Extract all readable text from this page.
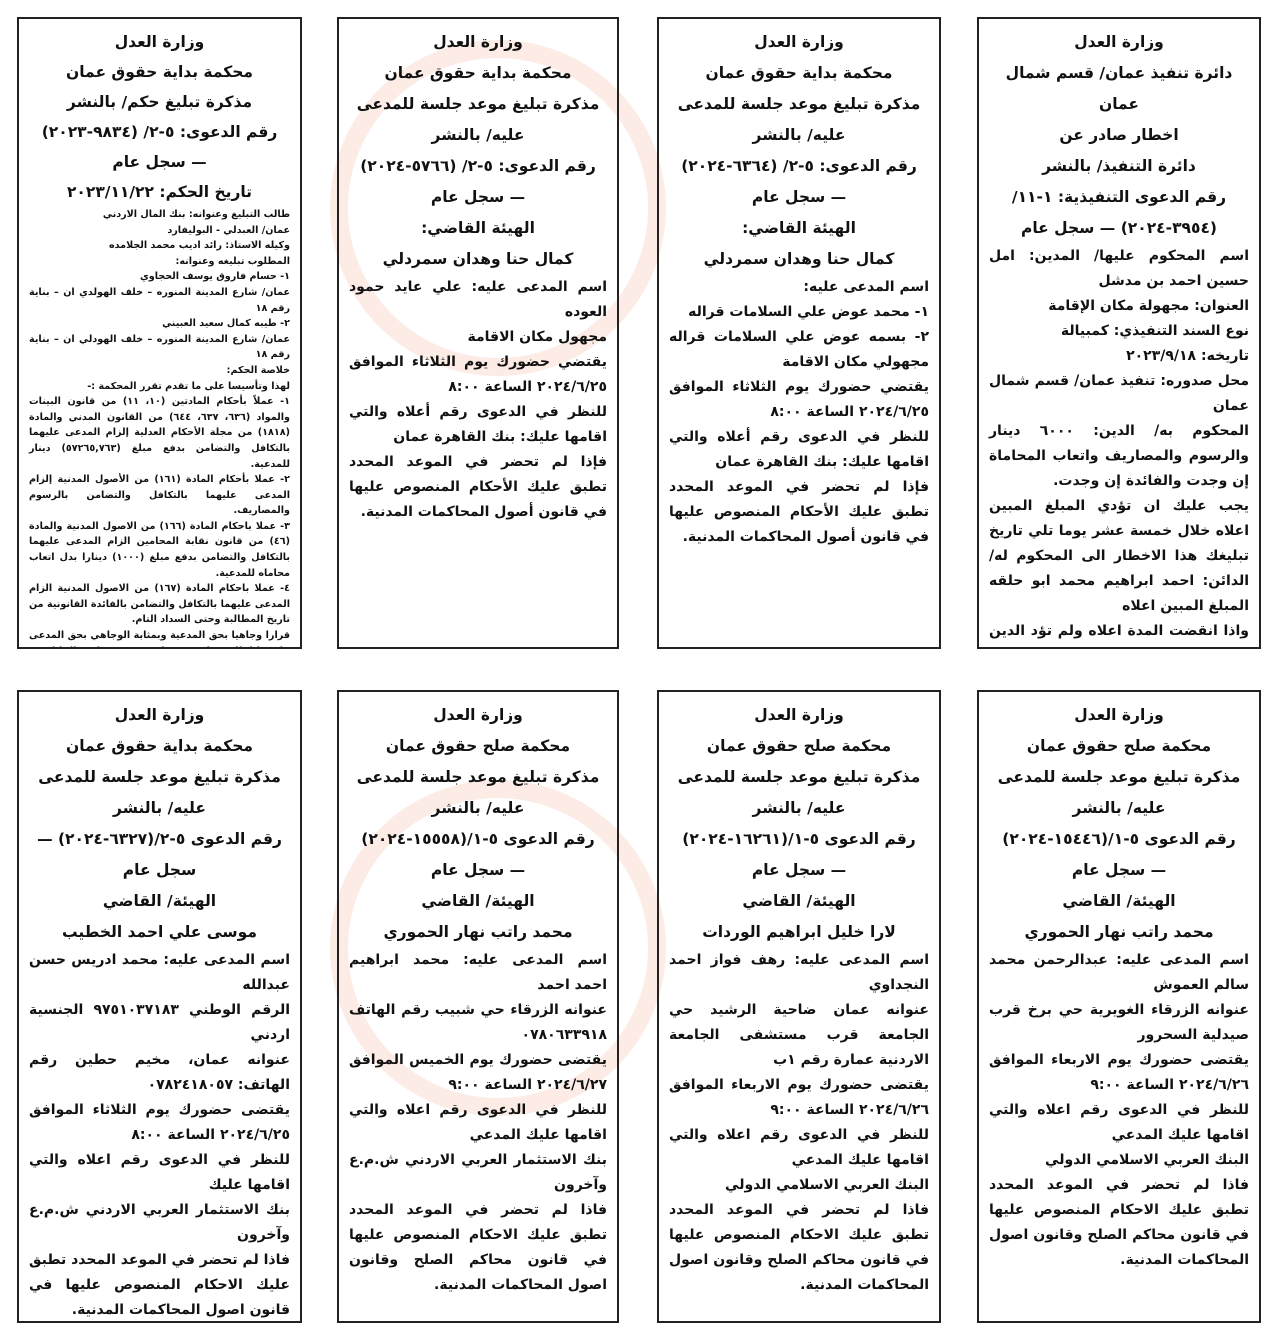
وزارة العدل
دائرة تنفيذ عمان/ قسم شمال عمان
اخطار صادر عن
دائرة التنفيذ/ بالنشر
رقم الدعوى التنفيذية: ١-١١/
(٣٩٥٤-٢٠٢٤) — سجل عام
اسم المحكوم عليها/ المدين: امل حسين احمد بن مدشل
العنوان: مجهولة مكان الإقامة
نوع السند التنفيذي: كمبيالة
تاريخه: ٢٠٢٣/٩/١٨
محل صدوره: تنفيذ عمان/ قسم شمال عمان
المحكوم به/ الدين: ٦٠٠٠ دينار والرسوم والمصاريف واتعاب المحاماة إن وجدت والفائدة إن وجدت.
يجب عليك ان تؤدي المبلغ المبين اعلاه خلال خمسة عشر يوما تلي تاريخ تبليغك هذا الاخطار الى المحكوم له/ الدائن: احمد ابراهيم محمد ابو حلقه المبلغ المبين اعلاه
واذا انقضت المدة اعلاه ولم تؤد الدين
وزارة العدل
محكمة بداية حقوق عمان
مذكرة تبليغ موعد جلسة للمدعى
عليه/ بالنشر
رقم الدعوى: ٥-٢/ (٦٣٦٤-٢٠٢٤)
— سجل عام
الهيئة القاضي:
كمال حنا وهدان سمردلي
اسم المدعى عليه:
١- محمد عوض علي السلامات قراله
٢- بسمه عوض علي السلامات قراله مجهولي مكان الاقامة
يقتضي حضورك يوم الثلاثاء الموافق ٢٠٢٤/٦/٢٥ الساعة ٨:٠٠
للنظر في الدعوى رقم أعلاه والتي اقامها عليك: بنك القاهرة عمان
فإذا لم تحضر في الموعد المحدد تطبق عليك الأحكام المنصوص عليها في قانون أصول المحاكمات المدنية.
وزارة العدل
محكمة بداية حقوق عمان
مذكرة تبليغ موعد جلسة للمدعى
عليه/ بالنشر
رقم الدعوى: ٥-٢/ (٥٧٦٦-٢٠٢٤)
— سجل عام
الهيئة القاضي:
كمال حنا وهدان سمردلي
اسم المدعى عليه: علي عايد حمود العوده
مجهول مكان الاقامة
يقتضي حضورك يوم الثلاثاء الموافق ٢٠٢٤/٦/٢٥ الساعة ٨:٠٠
للنظر في الدعوى رقم أعلاه والتي اقامها عليك: بنك القاهرة عمان
فإذا لم تحضر في الموعد المحدد تطبق عليك الأحكام المنصوص عليها في قانون أصول المحاكمات المدنية.
وزارة العدل
محكمة بداية حقوق عمان
مذكرة تبليغ حكم/ بالنشر
رقم الدعوى: ٥-٢/ (٩٨٣٤-٢٠٢٣)
— سجل عام
تاريخ الحكم: ٢٠٢٣/١١/٢٢
طالب التبليغ وعنوانه: بنك المال الاردني
عمان/ العبدلي - البوليفارد
وكيله الاستاذ: رائد اديب محمد الجلامده
المطلوب تبليغه وعنوانه:
١- حسام فاروق يوسف الحجاوي
عمان/ شارع المدينة المنوره – خلف الهولدي ان – بناية رقم ١٨
٢- طيبه كمال سعيد العبيني
عمان/ شارع المدينة المنوره – خلف الهودلي ان – بناية رقم ١٨
خلاصة الحكم:
لهذا وتأسيسا على ما تقدم تقرر المحكمة :-
١- عملاً بأحكام المادتين (١٠، ١١) من قانون البينات والمواد (٦٣٦، ٦٣٧، ٦٤٤) من القانون المدني والمادة (١٨١٨) من مجلة الأحكام العدلية إلزام المدعى عليهما بالتكافل والتضامن بدفع مبلغ (٥٧٢٦٥,٧٦٣) دينار للمدعية.
٢- عملا بأحكام المادة (١٦١) من الأصول المدنية إلزام المدعى عليهما بالتكافل والتضامن بالرسوم والمصاريف.
٣- عملا باحكام المادة (١٦٦) من الاصول المدنية والمادة (٤٦) من قانون نقابة المحامين الزام المدعى عليهما بالتكافل والتضامن بدفع مبلغ (١٠٠٠) دينارا بدل اتعاب محاماه للمدعية.
٤- عملا باحكام المادة (١٦٧) من الاصول المدنية الزام المدعى عليهما بالتكافل والتضامن بالفائدة القانونية من تاريخ المطالبة وحتى السداد التام.
قرارا وجاهيا بحق المدعية وبمثابة الوجاهي بحق المدعى
وزارة العدل
محكمة صلح حقوق عمان
مذكرة تبليغ موعد جلسة للمدعى
عليه/ بالنشر
رقم الدعوى ٥-١/(١٥٤٤٦-٢٠٢٤)
— سجل عام
الهيئة/ القاضي
محمد راتب نهار الحموري
اسم المدعى عليه: عبدالرحمن محمد سالم العموش
عنوانه الزرقاء الغويرية حي برخ قرب صيدلية السحرور
يقتضى حضورك يوم الاربعاء الموافق ٢٠٢٤/٦/٢٦ الساعة ٩:٠٠
للنظر في الدعوى رقم اعلاه والتي اقامها عليك المدعي
البنك العربي الاسلامي الدولي
فاذا لم تحضر في الموعد المحدد تطبق عليك الاحكام المنصوص عليها في قانون محاكم الصلح وقانون اصول المحاكمات المدنية.
وزارة العدل
محكمة صلح حقوق عمان
مذكرة تبليغ موعد جلسة للمدعى
عليه/ بالنشر
رقم الدعوى ٥-١/(١٦٢٦١-٢٠٢٤)
— سجل عام
الهيئة/ القاضي
لارا خليل ابراهيم الوردات
اسم المدعى عليه: رهف فواز احمد النجداوي
عنوانه عمان ضاحية الرشيد حي الجامعة قرب مستشفى الجامعة الاردنية عمارة رقم ١ب
يقتضى حضورك يوم الاربعاء الموافق ٢٠٢٤/٦/٢٦ الساعة ٩:٠٠
للنظر في الدعوى رقم اعلاه والتي اقامها عليك المدعي
البنك العربي الاسلامي الدولي
فاذا لم تحضر في الموعد المحدد تطبق عليك الاحكام المنصوص عليها في قانون محاكم الصلح وقانون اصول المحاكمات المدنية.
وزارة العدل
محكمة صلح حقوق عمان
مذكرة تبليغ موعد جلسة للمدعى
عليه/ بالنشر
رقم الدعوى ٥-١/(١٥٥٥٨-٢٠٢٤)
— سجل عام
الهيئة/ القاضي
محمد راتب نهار الحموري
اسم المدعى عليه: محمد ابراهيم احمد احمد
عنوانه الزرقاء حي شبيب رقم الهاتف ٠٧٨٠٦٣٣٩١٨
يقتضى حضورك يوم الخميس الموافق ٢٠٢٤/٦/٢٧ الساعة ٩:٠٠
للنظر في الدعوى رقم اعلاه والتي اقامها عليك المدعي
بنك الاستثمار العربي الاردني ش.م.ع وآخرون
فاذا لم تحضر في الموعد المحدد تطبق عليك الاحكام المنصوص عليها في قانون محاكم الصلح وقانون اصول المحاكمات المدنية.
وزارة العدل
محكمة بداية حقوق عمان
مذكرة تبليغ موعد جلسة للمدعى
عليه/ بالنشر
رقم الدعوى ٥-٢/(٦٣٢٧-٢٠٢٤) —
سجل عام
الهيئة/ القاضي
موسى علي احمد الخطيب
اسم المدعى عليه: محمد ادريس حسن عبدالله
الرقم الوطني ٩٧٥١٠٣٧١٨٣ الجنسية اردني
عنوانه عمان، مخيم حطين رقم الهاتف: ٠٧٨٢٤١٨٠٥٧
يقتضى حضورك يوم الثلاثاء الموافق ٢٠٢٤/٦/٢٥ الساعة ٨:٠٠
للنظر في الدعوى رقم اعلاه والتي اقامها عليك
بنك الاستثمار العربي الاردني ش.م.ع وآخرون
فاذا لم تحضر في الموعد المحدد تطبق عليك الاحكام المنصوص عليها في قانون اصول المحاكمات المدنية.
